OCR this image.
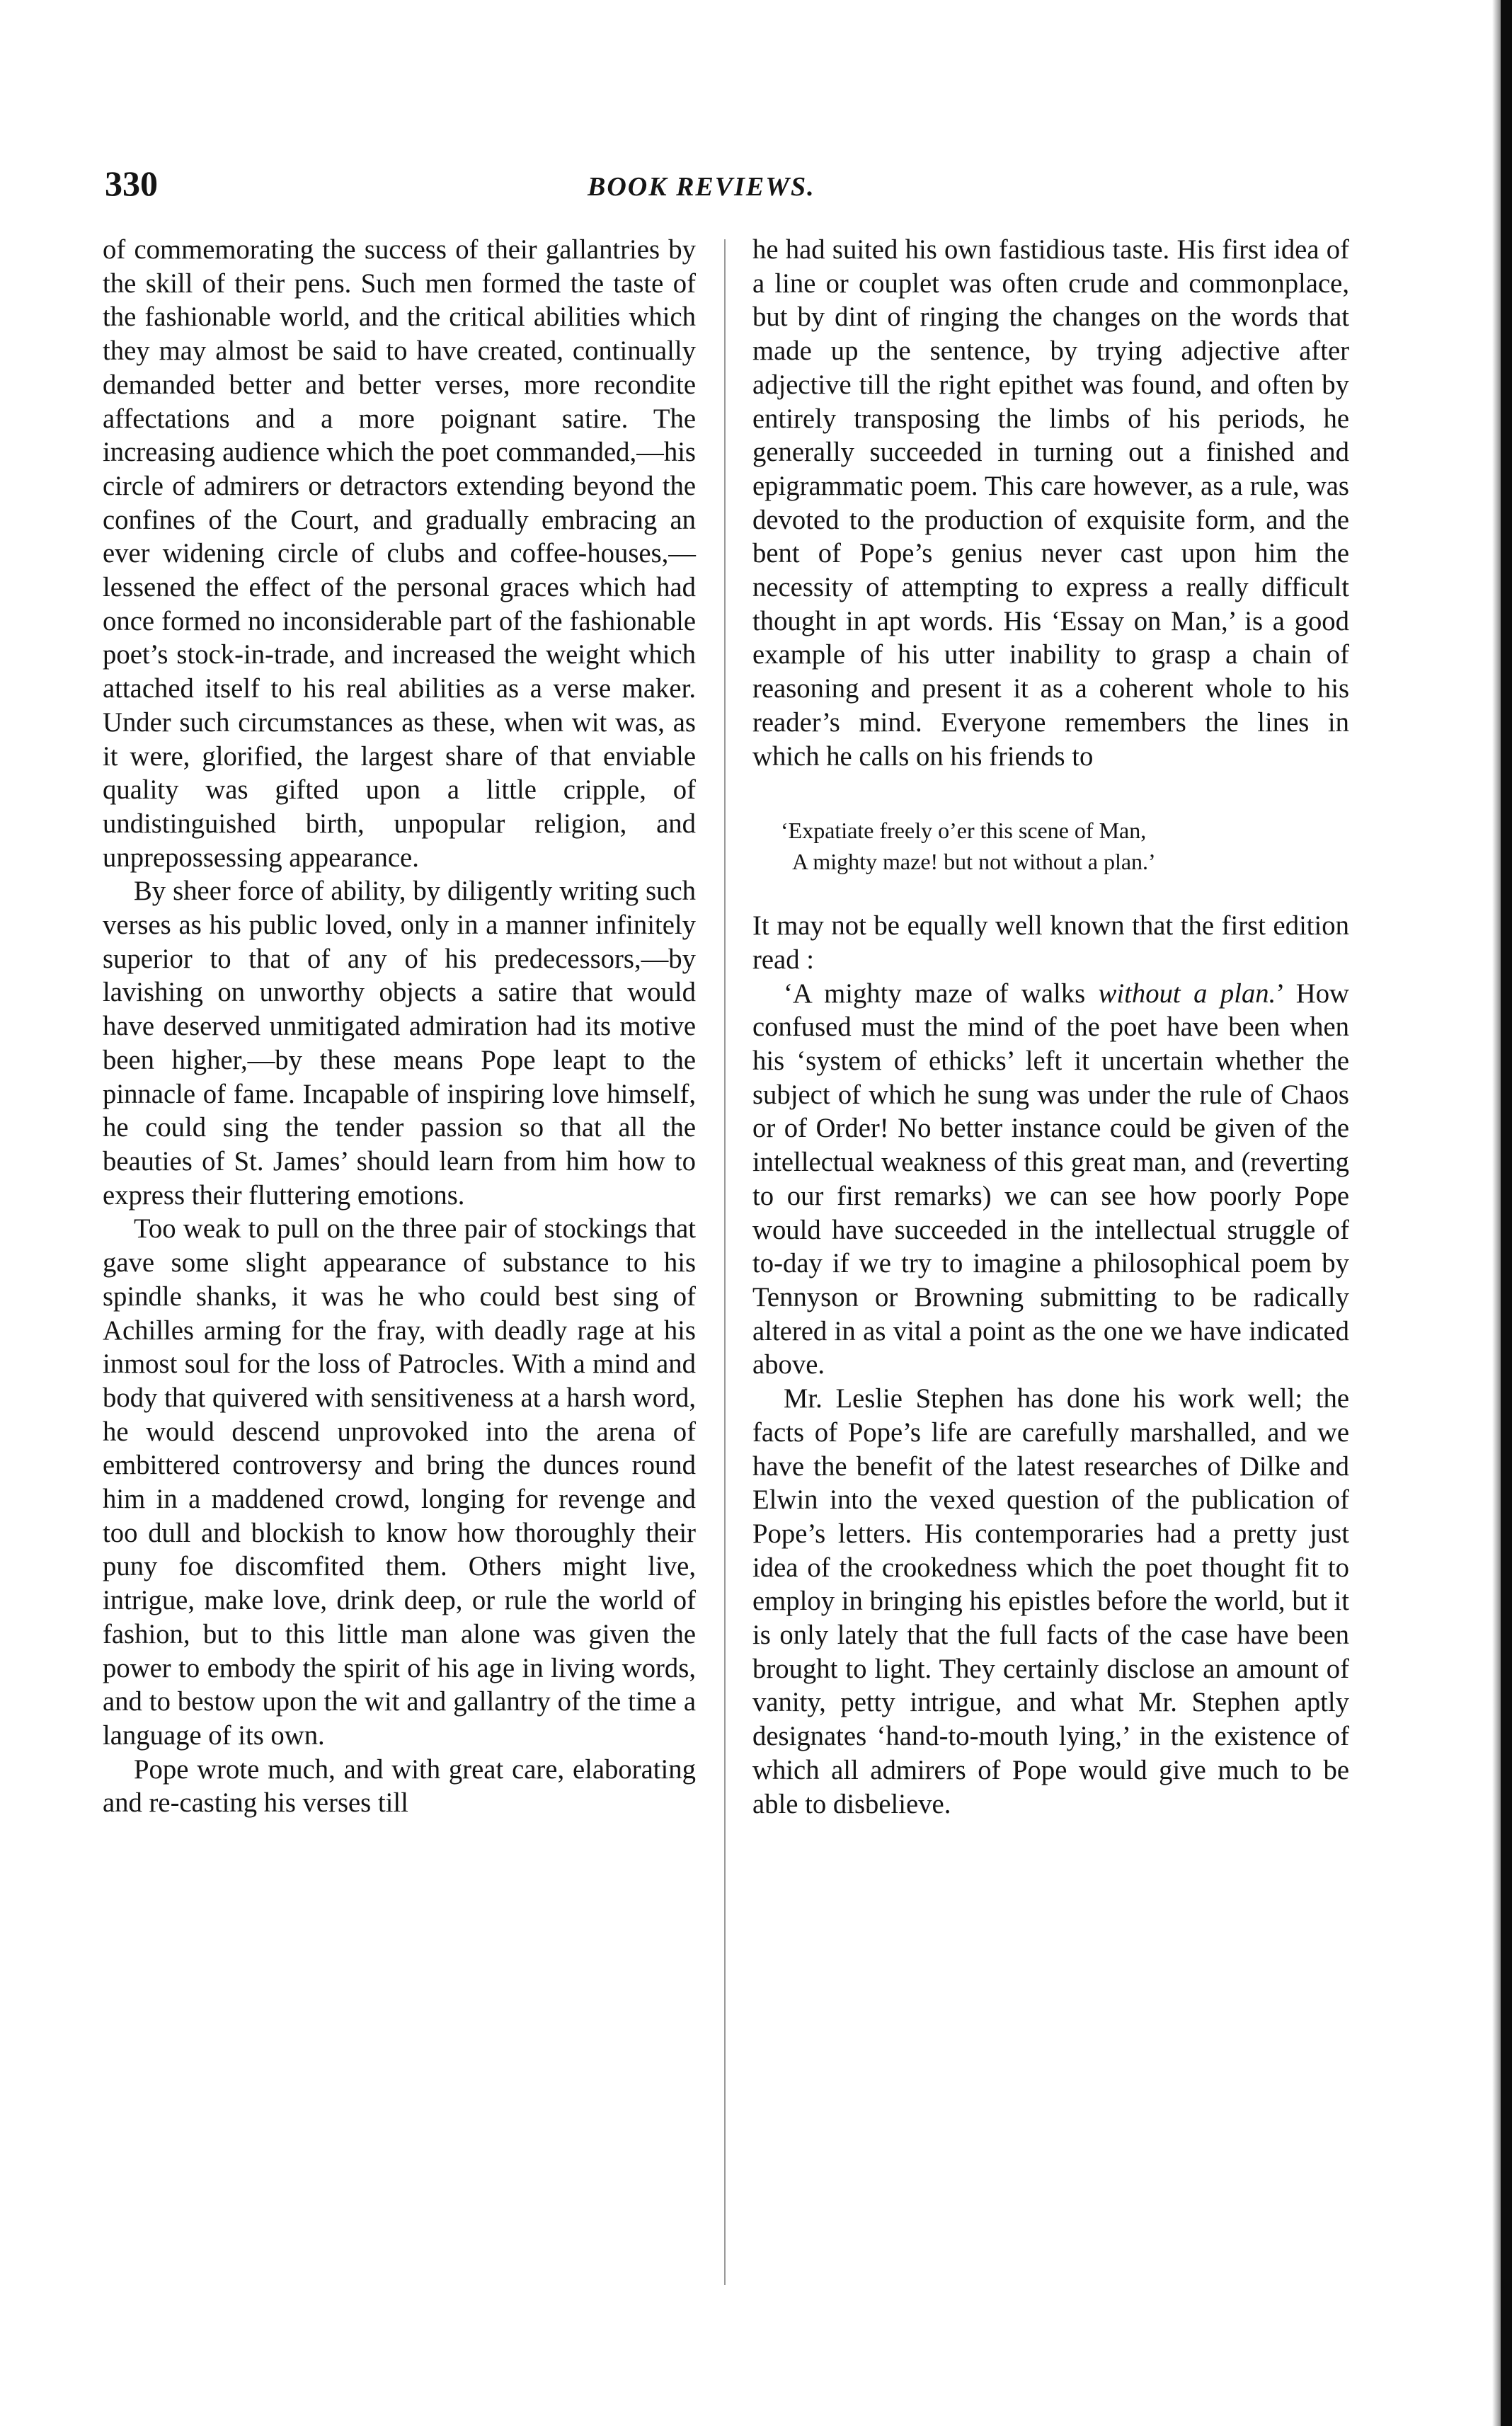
330	BOOK REVIEWS.

of commemorating the success of their gallantries by the skill of their pens. Such men formed the taste of the fashionable world, and the critical abilities which they may almost be said to have created, continually demanded better and better verses, more recondite affectations and a more poignant satire. The increasing audience which the poet commanded,—his circle of admirers or detractors extending beyond the confines of the Court, and gradually embracing an ever widening circle of clubs and coffee-houses,—lessened the effect of the personal graces which had once formed no inconsiderable part of the fashionable poet’s stock-in-trade, and increased the weight which attached itself to his real abilities as a verse maker. Under such circumstances as these, when wit was, as it were, glorified, the largest share of that enviable quality was gifted upon a little cripple, of undistinguished birth, unpopular religion, and unprepossessing appearance.

By sheer force of ability, by diligently writing such verses as his public loved, only in a manner infinitely superior to that of any of his predecessors,—by lavishing on unworthy objects a satire that would have deserved unmitigated admiration had its motive been higher,—by these means Pope leapt to the pinnacle of fame. Incapable of inspiring love himself, he could sing the tender passion so that all the beauties of St. James’ should learn from him how to express their fluttering emotions.

Too weak to pull on the three pair of stockings that gave some slight appearance of substance to his spindle shanks, it was he who could best sing of Achilles arming for the fray, with deadly rage at his inmost soul for the loss of Patrocles. With a mind and body that quivered with sensitiveness at a harsh word, he would descend unprovoked into the arena of embittered controversy and bring the dunces round him in a maddened crowd, longing for revenge and too dull and blockish to know how thoroughly their puny foe discomfited them. Others might live, intrigue, make love, drink deep, or rule the world of fashion, but to this little man alone was given the power to embody the spirit of his age in living words, and to bestow upon the wit and gallantry of the time a language of its own.

Pope wrote much, and with great care, elaborating and re-casting his verses till

he had suited his own fastidious taste. His first idea of a line or couplet was often crude and commonplace, but by dint of ringing the changes on the words that made up the sentence, by trying adjective after adjective till the right epithet was found, and often by entirely transposing the limbs of his periods, he generally succeeded in turning out a finished and epigrammatic poem. This care however, as a rule, was devoted to the production of exquisite form, and the bent of Pope’s genius never cast upon him the necessity of attempting to express a really difficult thought in apt words. His ‘Essay on Man,’ is a good example of his utter inability to grasp a chain of reasoning and present it as a coherent whole to his reader’s mind. Everyone remembers the lines in which he calls on his friends to

‘Expatiate freely o’er this scene of Man,
A mighty maze! but not without a plan.’

It may not be equally well known that the first edition read :

‘A mighty maze of walks without a plan.’ How confused must the mind of the poet have been when his ‘system of ethicks’ left it uncertain whether the subject of which he sung was under the rule of Chaos or of Order! No better instance could be given of the intellectual weakness of this great man, and (reverting to our first remarks) we can see how poorly Pope would have succeeded in the intellectual struggle of to-day if we try to imagine a philosophical poem by Tennyson or Browning submitting to be radically altered in as vital a point as the one we have indicated above.

Mr. Leslie Stephen has done his work well; the facts of Pope’s life are carefully marshalled, and we have the benefit of the latest researches of Dilke and Elwin into the vexed question of the publication of Pope’s letters. His contemporaries had a pretty just idea of the crookedness which the poet thought fit to employ in bringing his epistles before the world, but it is only lately that the full facts of the case have been brought to light. They certainly disclose an amount of vanity, petty intrigue, and what Mr. Stephen aptly designates ‘hand-to-mouth lying,’ in the existence of which all admirers of Pope would give much to be able to disbelieve.
